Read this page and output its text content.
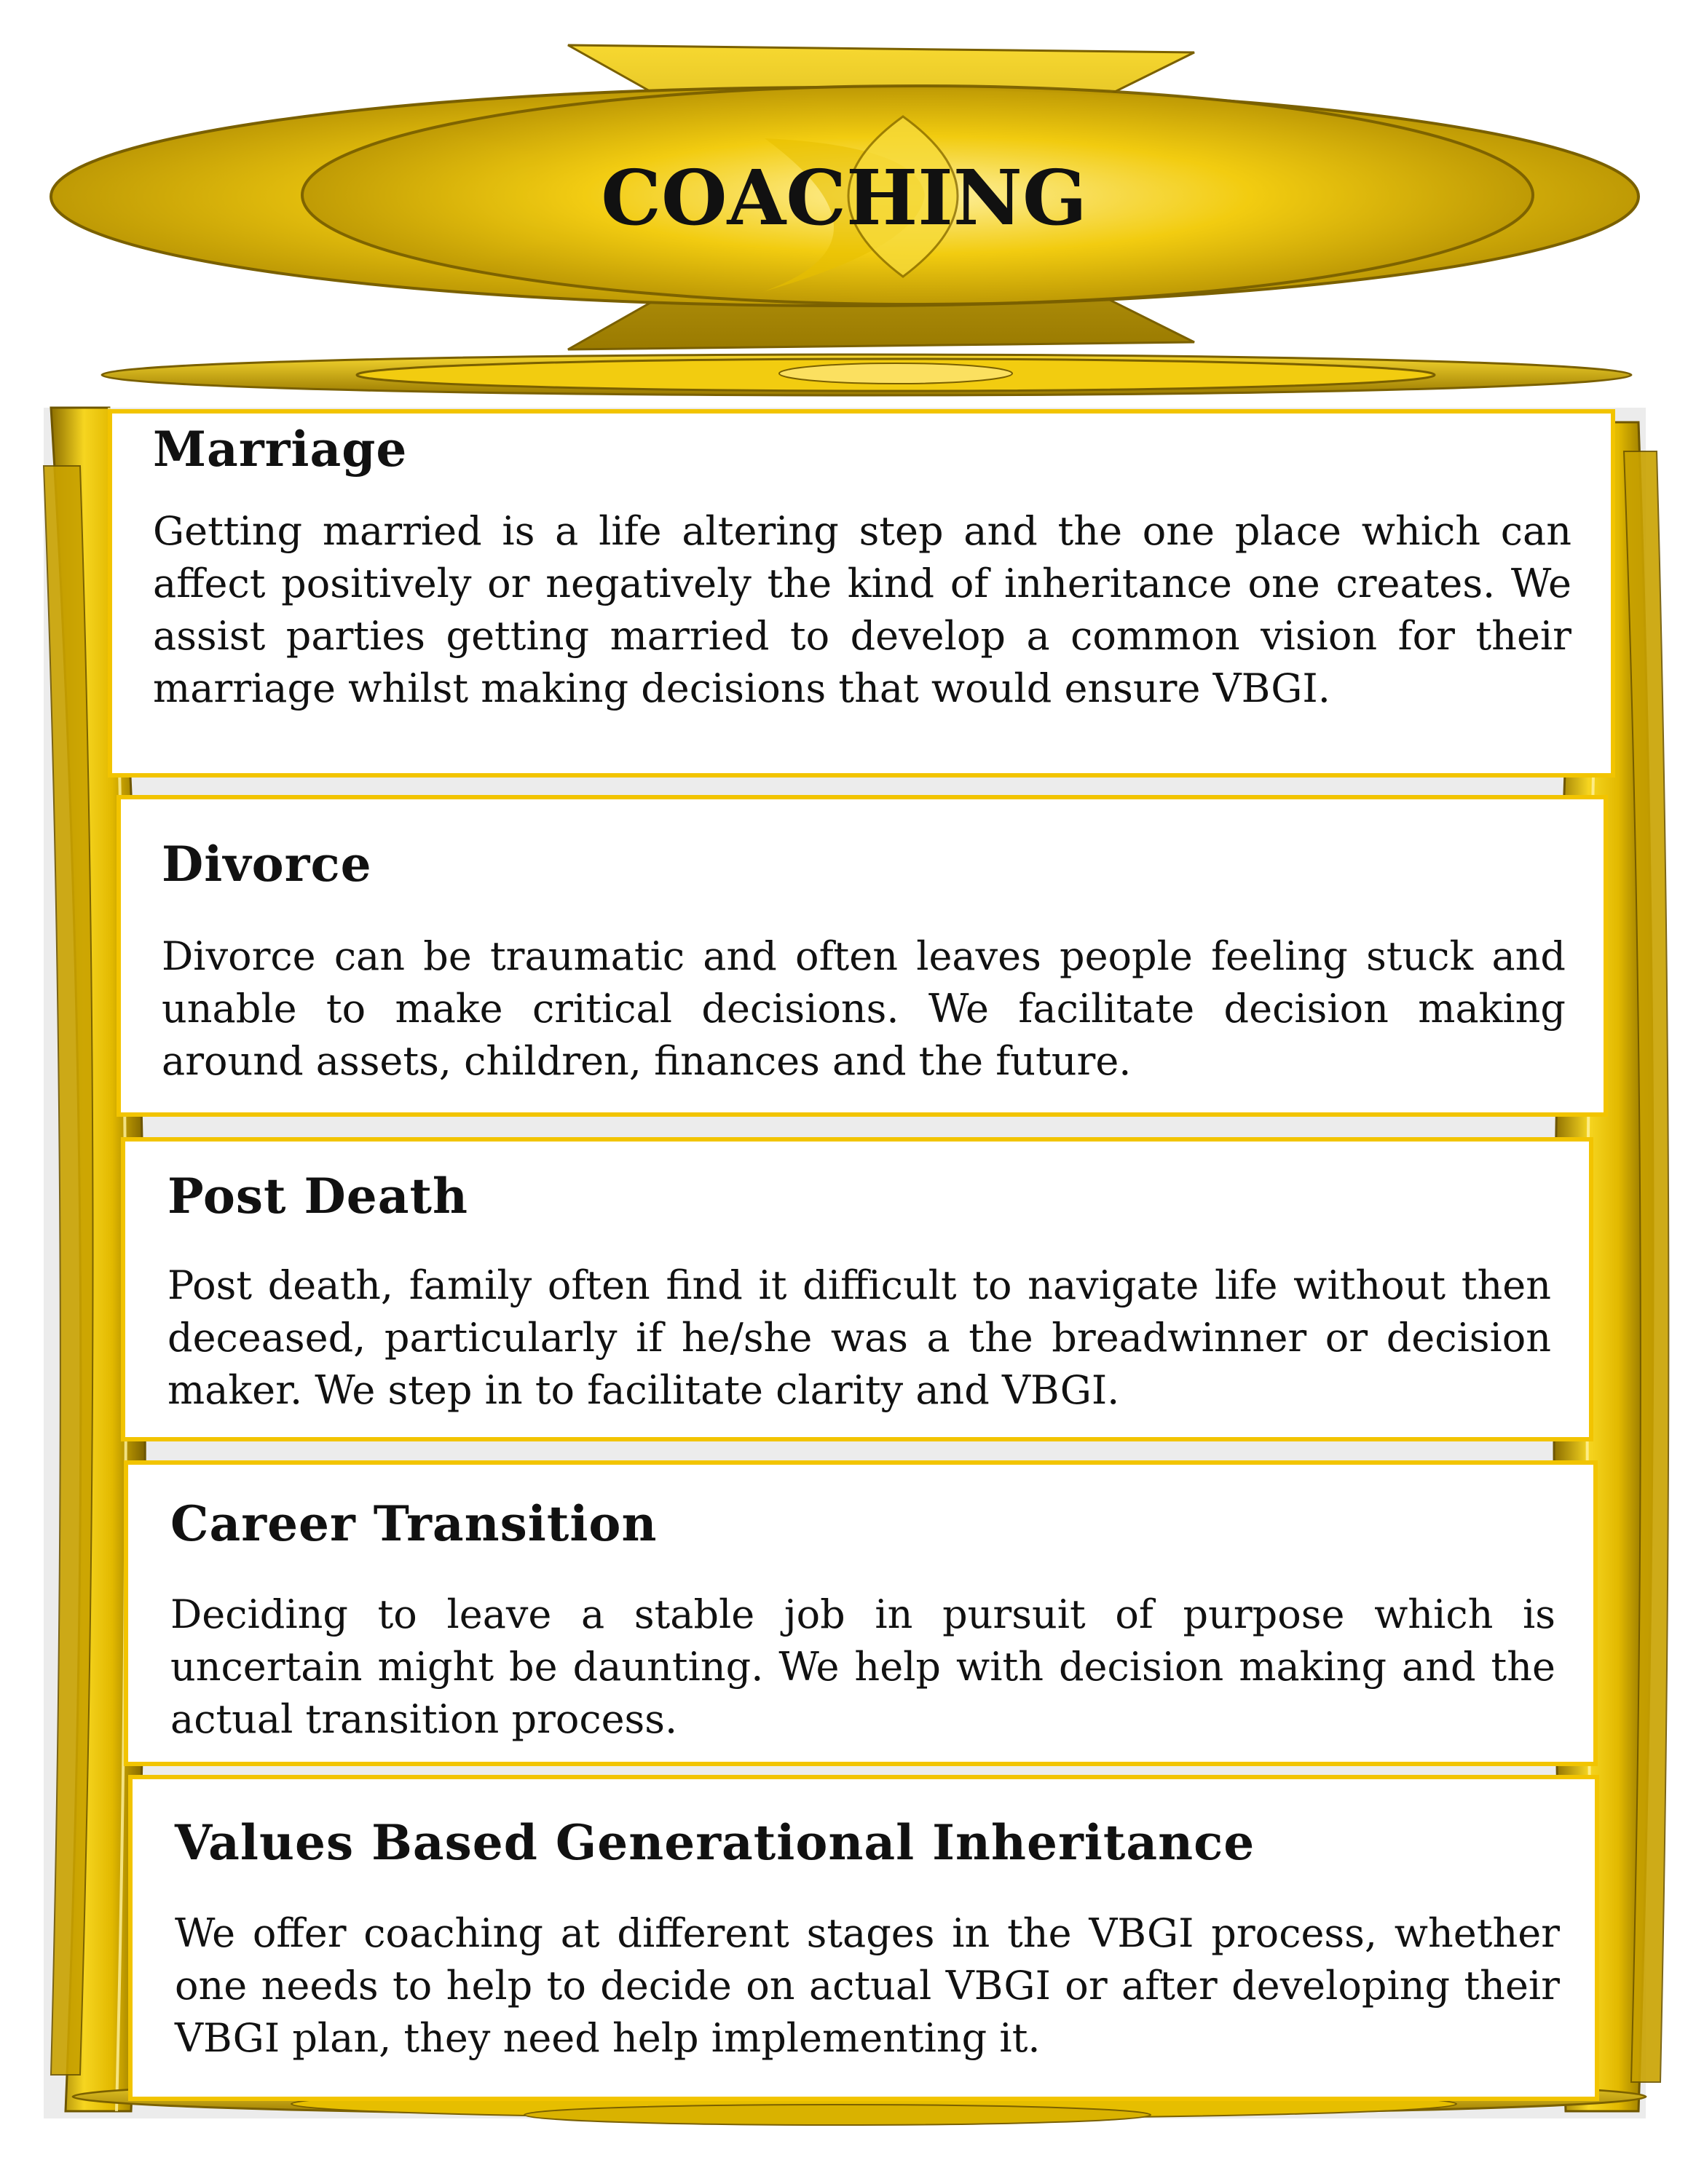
COACHING
Marriage

Getting married is a life altering step and the one place which can affect positively or negatively the kind of inheritance one creates. We assist parties getting married to develop a common vision for their marriage whilst making decisions that would ensure VBGI.

Divorce

Divorce can be traumatic and often leaves people feeling stuck and unable to make critical decisions. We facilitate decision making around assets, children, finances and the future.

Post Death

Post death, family often find it difficult to navigate life without then deceased, particularly if he/she was a the breadwinner or decision maker. We step in to facilitate clarity and VBGI.

Career Transition

Deciding to leave a stable job in pursuit of purpose which is uncertain might be daunting. We help with decision making and the actual transition process.

Values Based Generational Inheritance

We offer coaching at different stages in the VBGI process, whether one needs to help to decide on actual VBGI or after developing their VBGI plan, they need help implementing it.
